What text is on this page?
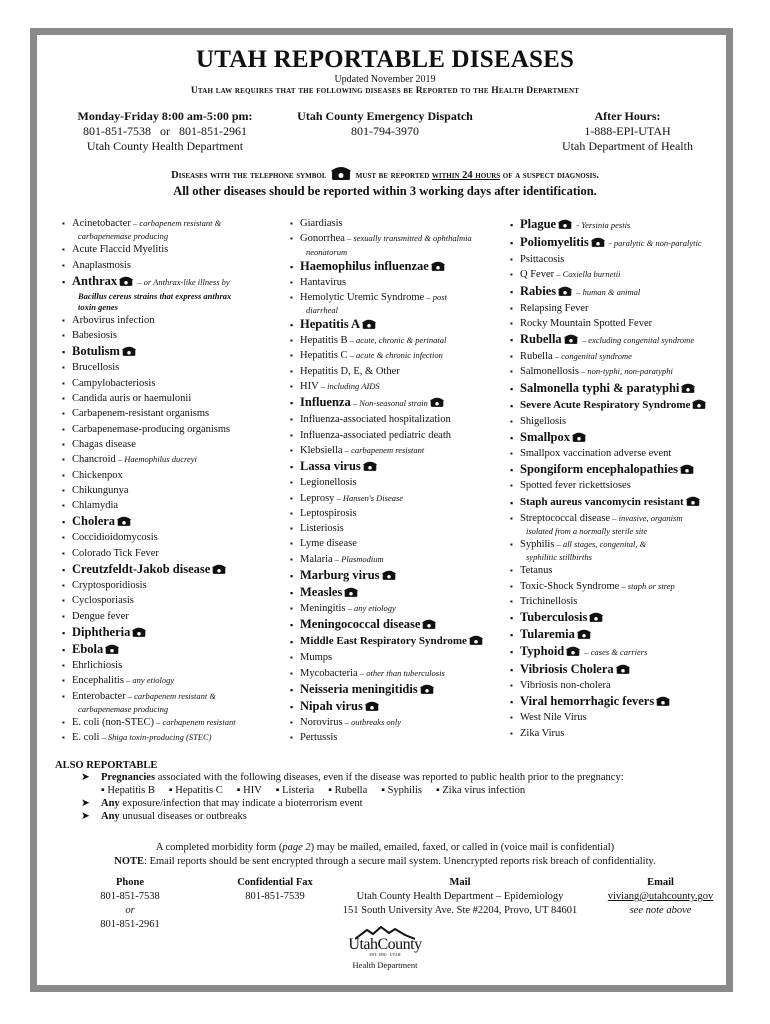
UTAH REPORTABLE DISEASES
Updated November 2019
Utah law requires that the following diseases be Reported to the Health Department
Monday-Friday 8:00 am-5:00 pm:
801-851-7538   or   801-851-2961
Utah County Health Department
Utah County Emergency Dispatch
801-794-3970
After Hours:
1-888-EPI-UTAH
Utah Department of Health
Diseases with the telephone symbol	must be reported within 24 hours of a suspect diagnosis.
All other diseases should be reported within 3 working days after identification.
▪ Acinetobacter – carbapenem resistant &
carbapenemase producing
▪ Acute Flaccid Myelitis
▪ Anaplasmosis
▪ Anthrax – or Anthrax-like illness by
Bacillus cereus strains that express anthrax
toxin genes
▪ Arbovirus infection
▪ Babesiosis
▪ Botulism
▪ Brucellosis
▪ Campylobacteriosis
▪ Candida auris or haemulonii
▪ Carbapenem-resistant organisms
▪ Carbapenemase-producing organisms
▪ Chagas disease
▪ Chancroid – Haemophilus ducreyi
▪ Chickenpox
▪ Chikungunya
▪ Chlamydia
▪ Cholera
▪ Coccidioidomycosis
▪ Colorado Tick Fever
▪ Creutzfeldt-Jakob disease
▪ Cryptosporidiosis
▪ Cyclosporiasis
▪ Dengue fever
▪ Diphtheria
▪ Ebola
▪ Ehrlichiosis
▪ Encephalitis – any etiology
▪ Enterobacter – carbapenem resistant &
carbapenemase producing
▪ E. coli (non-STEC) – carbapenem resistant
▪ E. coli – Shiga toxin-producing (STEC)
▪ Giardiasis
▪ Gonorrhea – sexually transmitted & ophthalmia
neonatorum
▪ Haemophilus influenzae
▪ Hantavirus
▪ Hemolytic Uremic Syndrome – post
diarrheal
▪ Hepatitis A
▪ Hepatitis B – acute, chronic & perinatal
▪ Hepatitis C – acute & chronic infection
▪ Hepatitis D, E, & Other
▪ HIV – including AIDS
▪ Influenza – Non-seasonal strain
▪ Influenza-associated hospitalization
▪ Influenza-associated pediatric death
▪ Klebsiella – carbapenem resistant
▪ Lassa virus
▪ Legionellosis
▪ Leprosy – Hansen's Disease
▪ Leptospirosis
▪ Listeriosis
▪ Lyme disease
▪ Malaria – Plasmodium
▪ Marburg virus
▪ Measles
▪ Meningitis – any etiology
▪ Meningococcal disease
▪ Middle East Respiratory Syndrome
▪ Mumps
▪ Mycobacteria – other than tuberculosis
▪ Neisseria meningitidis
▪ Nipah virus
▪ Norovirus – outbreaks only
▪ Pertussis
▪ Plague - Yersinia pestis
▪ Poliomyelitis - paralytic & non-paralytic
▪ Psittacosis
▪ Q Fever – Coxiella burnetii
▪ Rabies – human & animal
▪ Relapsing Fever
▪ Rocky Mountain Spotted Fever
▪ Rubella – excluding congenital syndrome
▪ Rubella – congenital syndrome
▪ Salmonellosis – non-typhi, non-paratyphi
▪ Salmonella typhi & paratyphi
▪ Severe Acute Respiratory Syndrome
▪ Shigellosis
▪ Smallpox
▪ Smallpox vaccination adverse event
▪ Spongiform encephalopathies
▪ Spotted fever rickettsioses
▪ Staph aureus vancomycin resistant
▪ Streptococcal disease – invasive, organism
isolated from a normally sterile site
▪ Syphilis – all stages, congenital, &
syphilitic stillbirths
▪ Tetanus
▪ Toxic-Shock Syndrome – staph or strep
▪ Trichinellosis
▪ Tuberculosis
▪ Tularemia
▪ Typhoid – cases & carriers
▪ Vibriosis Cholera
▪ Vibriosis non-cholera
▪ Viral hemorrhagic fevers
▪ West Nile Virus
▪ Zika Virus
ALSO REPORTABLE
➤ Pregnancies associated with the following diseases, even if the disease was reported to public health prior to the pregnancy:
▪ Hepatitis B ▪ Hepatitis C ▪ HIV ▪ Listeria ▪ Rubella ▪ Syphilis ▪ Zika virus infection
➤ Any exposure/infection that may indicate a bioterrorism event
➤ Any unusual diseases or outbreaks
A completed morbidity form (page 2) may be mailed, emailed, faxed, or called in (voice mail is confidential)
NOTE: Email reports should be sent encrypted through a secure mail system. Unencrypted reports risk breach of confidentiality.
Phone
801-851-7538
or
801-851-2961
Confidential Fax
801-851-7539
Mail
Utah County Health Department – Epidemiology
151 South University Ave. Ste #2204, Provo, UT 84601
Email
viviang@utahcounty.gov
see note above
UtahCounty
EST. 1850 · UTAH
Health Department
